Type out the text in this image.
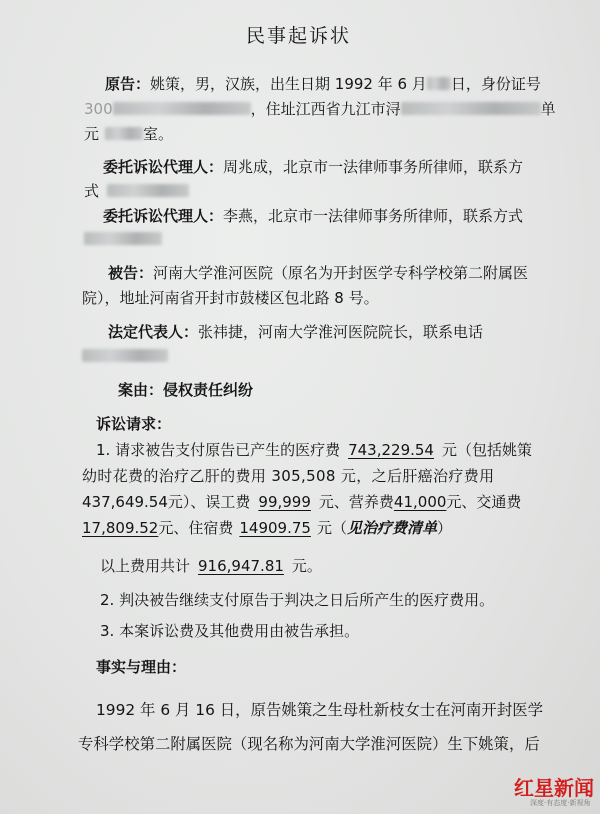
民事起诉状
原告：姚策，男，汉族，出生日期 1992 年 6 月 日，身份证号
300	，住址江西省九江市浔	单
元	室。
委托诉讼代理人：周兆成，北京市一法律师事务所律师，联系方
式
委托诉讼代理人：李燕，北京市一法律师事务所律师，联系方式
被告：河南大学淮河医院（原名为开封医学专科学校第二附属医
院），地址河南省开封市鼓楼区包北路 8 号。
法定代表人：张祎捷，河南大学淮河医院院长，联系电话
案由：侵权责任纠纷
诉讼请求：
1. 请求被告支付原告已产生的医疗费 743,229.54 元（包括姚策
幼时花费的治疗乙肝的费用 305,508 元，之后肝癌治疗费用
437,649.54元）、误工费 99,999 元、营养费41,000元、交通费
17,809.52元、住宿费 14909.75 元（见治疗费清单）
以上费用共计 916,947.81 元。
2. 判决被告继续支付原告于判决之日后所产生的医疗费用。
3. 本案诉讼费及其他费用由被告承担。
事实与理由：
1992 年 6 月 16 日，原告姚策之生母杜新枝女士在河南开封医学
专科学校第二附属医院（现名称为河南大学淮河医院）生下姚策，后
红星新闻
深度·有态度·新视角
